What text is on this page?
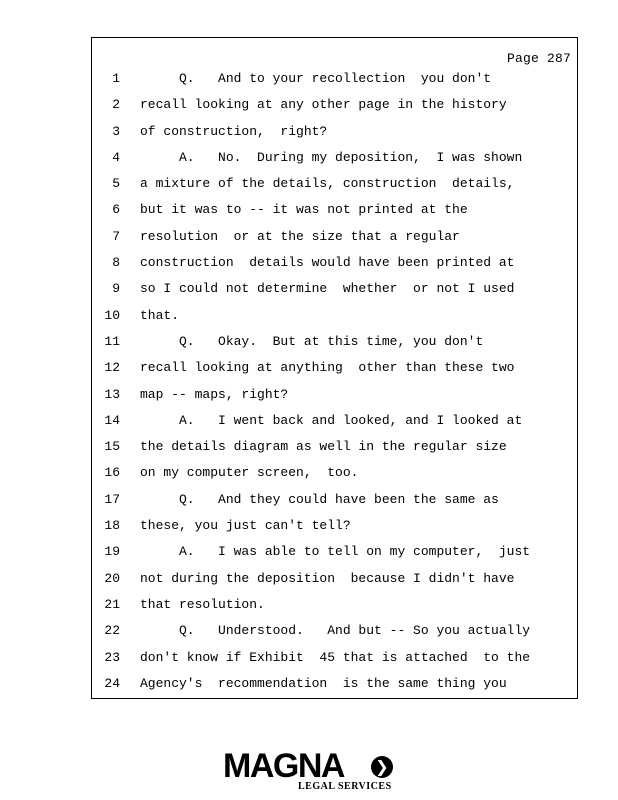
Page 287
1 Q.   And to your recollection  you don't
2 recall looking at any other page in the history
3 of construction,  right?
4 A.   No.  During my deposition,  I was shown
5 a mixture of the details, construction  details,
6 but it was to -- it was not printed at the
7 resolution  or at the size that a regular
8 construction  details would have been printed at
9 so I could not determine  whether  or not I used
10 that.
11 Q.   Okay.  But at this time, you don't
12 recall looking at anything  other than these two
13 map -- maps, right?
14 A.   I went back and looked, and I looked at
15 the details diagram as well in the regular size
16 on my computer screen,  too.
17 Q.   And they could have been the same as
18 these, you just can't tell?
19 A.   I was able to tell on my computer,  just
20 not during the deposition  because I didn't have
21 that resolution.
22 Q.   Understood.   And but -- So you actually
23 don't know if Exhibit  45 that is attached  to the
24 Agency's  recommendation  is the same thing you
MAGNA ❯
LEGAL SERVICES
